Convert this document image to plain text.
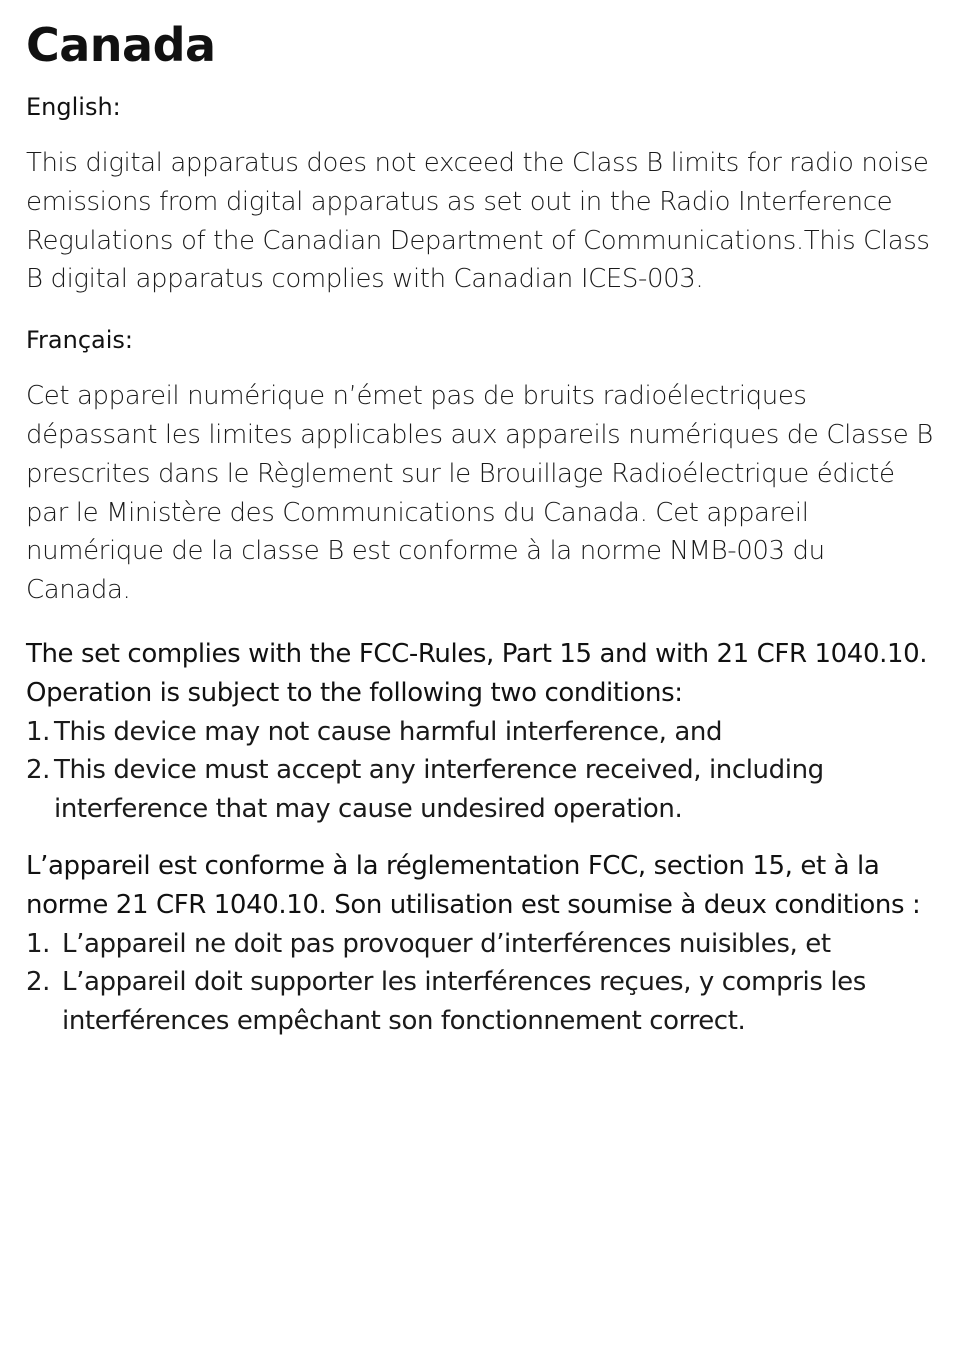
Canada

English:

This digital apparatus does not exceed the Class B limits for radio noise emissions from digital apparatus as set out in the Radio Interference Regulations of the Canadian Department of Communications.This Class B digital apparatus complies with Canadian ICES-003.

Français:

Cet appareil numérique n’émet pas de bruits radioélectriques dépassant les limites applicables aux appareils numériques de Classe B prescrites dans le Règlement sur le Brouillage Radioélectrique édicté par le Ministère des Communications du Canada. Cet appareil numérique de la classe B est conforme à la norme NMB-003 du Canada.

The set complies with the FCC-Rules, Part 15 and with 21 CFR 1040.10. Operation is subject to the following two conditions:

1. This device may not cause harmful interference, and
2. This device must accept any interference received, including interference that may cause undesired operation.

L’appareil est conforme à la réglementation FCC, section 15, et à la norme 21 CFR 1040.10. Son utilisation est soumise à deux conditions :

1. L’appareil ne doit pas provoquer d’interférences nuisibles, et
2. L’appareil doit supporter les interférences reçues, y compris les interférences empêchant son fonctionnement correct.
